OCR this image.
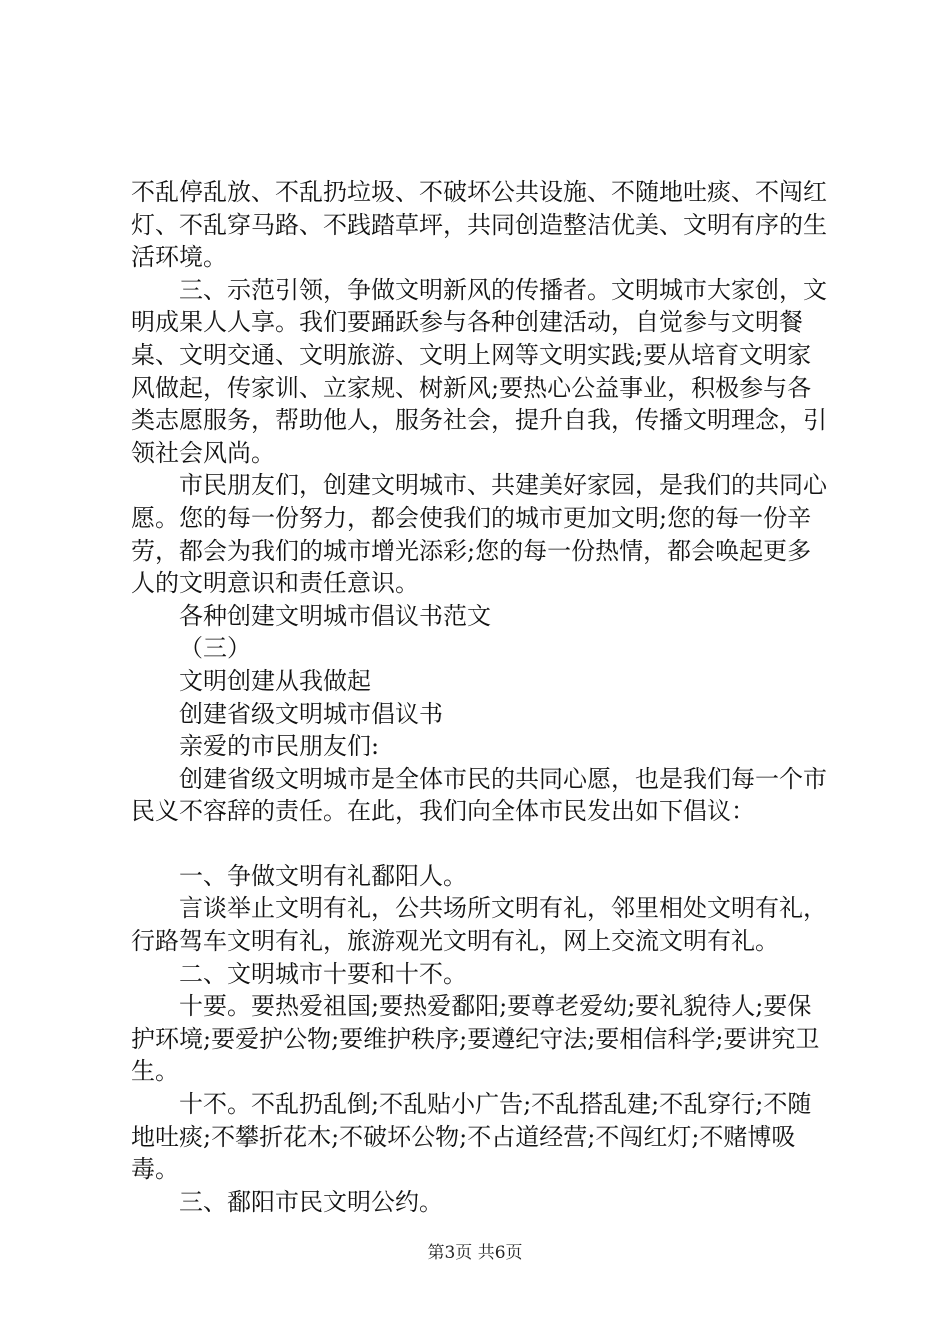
不乱停乱放、不乱扔垃圾、不破坏公共设施、不随地吐痰、不闯红灯、不乱穿马路、不践踏草坪，共同创造整洁优美、文明有序的生活环境。

三、示范引领，争做文明新风的传播者。文明城市大家创，文明成果人人享。我们要踊跃参与各种创建活动，自觉参与文明餐桌、文明交通、文明旅游、文明上网等文明实践;要从培育文明家风做起，传家训、立家规、树新风;要热心公益事业，积极参与各类志愿服务，帮助他人，服务社会，提升自我，传播文明理念，引领社会风尚。

市民朋友们，创建文明城市、共建美好家园，是我们的共同心愿。您的每一份努力，都会使我们的城市更加文明;您的每一份辛劳，都会为我们的城市增光添彩;您的每一份热情，都会唤起更多人的文明意识和责任意识。

各种创建文明城市倡议书范文

（三）

文明创建从我做起

创建省级文明城市倡议书

亲爱的市民朋友们:

创建省级文明城市是全体市民的共同心愿，也是我们每一个市民义不容辞的责任。在此，我们向全体市民发出如下倡议：

一、争做文明有礼鄱阳人。

言谈举止文明有礼，公共场所文明有礼，邻里相处文明有礼，行路驾车文明有礼，旅游观光文明有礼，网上交流文明有礼。

二、文明城市十要和十不。

十要。要热爱祖国;要热爱鄱阳;要尊老爱幼;要礼貌待人;要保护环境;要爱护公物;要维护秩序;要遵纪守法;要相信科学;要讲究卫生。

十不。不乱扔乱倒;不乱贴小广告;不乱搭乱建;不乱穿行;不随地吐痰;不攀折花木;不破坏公物;不占道经营;不闯红灯;不赌博吸毒。

三、鄱阳市民文明公约。

第3页 共6页
